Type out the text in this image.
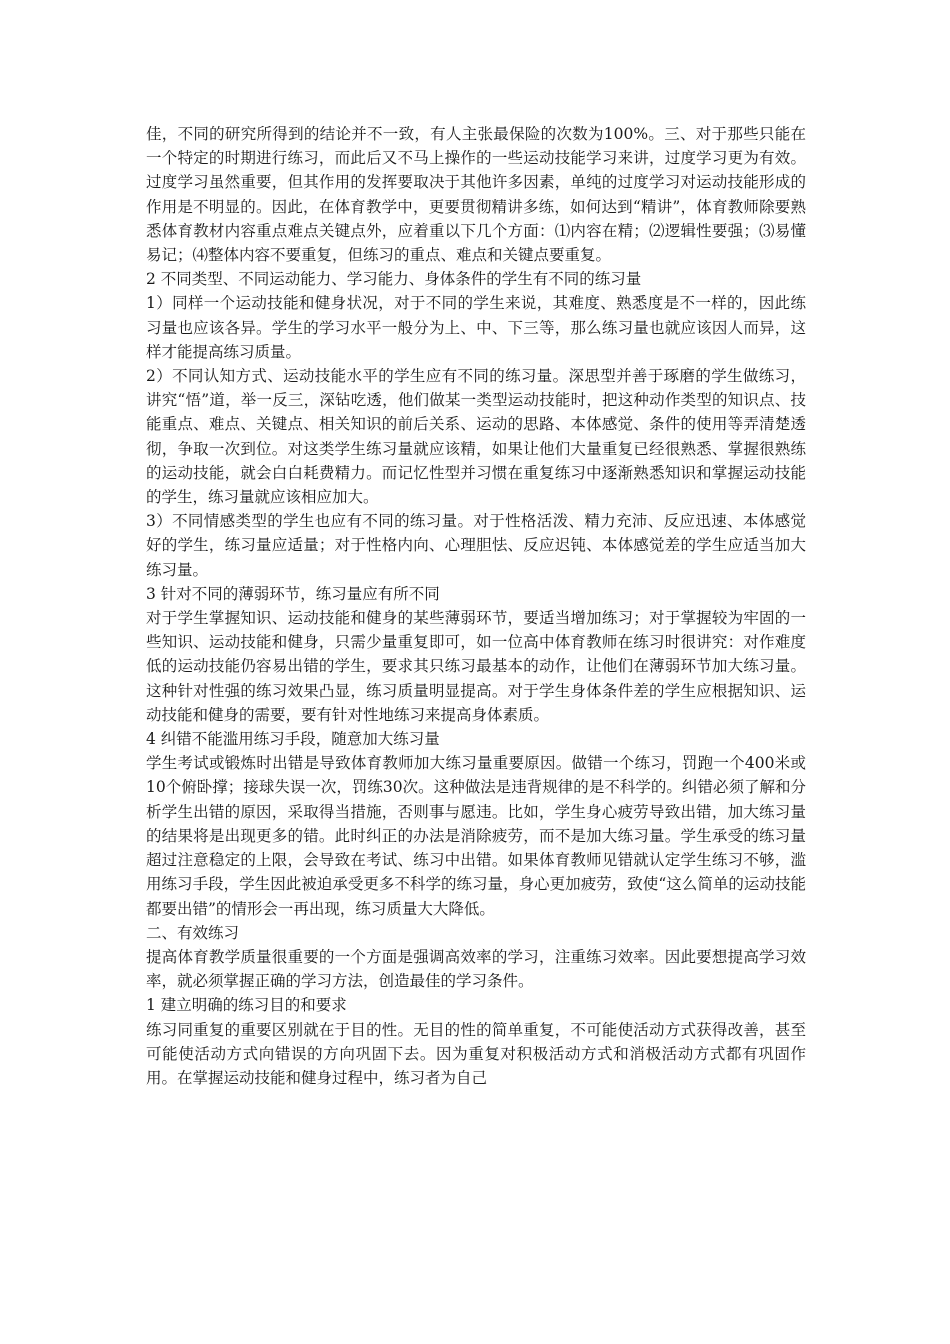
佳，不同的研究所得到的结论并不一致，有人主张最保险的次数为100%。三、对于那些只能在一个特定的时期进行练习，而此后又不马上操作的一些运动技能学习来讲，过度学习更为有效。过度学习虽然重要，但其作用的发挥要取决于其他许多因素，单纯的过度学习对运动技能形成的作用是不明显的。因此，在体育教学中，更要贯彻精讲多练，如何达到“精讲”，体育教师除要熟悉体育教材内容重点难点关键点外，应着重以下几个方面：⑴内容在精；⑵逻辑性要强；⑶易懂易记；⑷整体内容不要重复，但练习的重点、难点和关键点要重复。

2 不同类型、不同运动能力、学习能力、身体条件的学生有不同的练习量

1）同样一个运动技能和健身状况，对于不同的学生来说，其难度、熟悉度是不一样的，因此练习量也应该各异。学生的学习水平一般分为上、中、下三等，那么练习量也就应该因人而异，这样才能提高练习质量。

2）不同认知方式、运动技能水平的学生应有不同的练习量。深思型并善于琢磨的学生做练习，讲究“悟”道，举一反三，深钻吃透，他们做某一类型运动技能时，把这种动作类型的知识点、技能重点、难点、关键点、相关知识的前后关系、运动的思路、本体感觉、条件的使用等弄清楚透彻，争取一次到位。对这类学生练习量就应该精，如果让他们大量重复已经很熟悉、掌握很熟练的运动技能，就会白白耗费精力。而记忆性型并习惯在重复练习中逐渐熟悉知识和掌握运动技能的学生，练习量就应该相应加大。

3）不同情感类型的学生也应有不同的练习量。对于性格活泼、精力充沛、反应迅速、本体感觉好的学生，练习量应适量；对于性格内向、心理胆怯、反应迟钝、本体感觉差的学生应适当加大练习量。

3 针对不同的薄弱环节，练习量应有所不同

对于学生掌握知识、运动技能和健身的某些薄弱环节，要适当增加练习；对于掌握较为牢固的一些知识、运动技能和健身，只需少量重复即可，如一位高中体育教师在练习时很讲究：对作难度低的运动技能仍容易出错的学生，要求其只练习最基本的动作，让他们在薄弱环节加大练习量。这种针对性强的练习效果凸显，练习质量明显提高。对于学生身体条件差的学生应根据知识、运动技能和健身的需要，要有针对性地练习来提高身体素质。

4 纠错不能滥用练习手段，随意加大练习量

学生考试或锻炼时出错是导致体育教师加大练习量重要原因。做错一个练习，罚跑一个400米或10个俯卧撑；接球失误一次，罚练30次。这种做法是违背规律的是不科学的。纠错必须了解和分析学生出错的原因，采取得当措施，否则事与愿违。比如，学生身心疲劳导致出错，加大练习量的结果将是出现更多的错。此时纠正的办法是消除疲劳，而不是加大练习量。学生承受的练习量超过注意稳定的上限，会导致在考试、练习中出错。如果体育教师见错就认定学生练习不够，滥用练习手段，学生因此被迫承受更多不科学的练习量，身心更加疲劳，致使“这么简单的运动技能都要出错”的情形会一再出现，练习质量大大降低。

二、有效练习

提高体育教学质量很重要的一个方面是强调高效率的学习，注重练习效率。因此要想提高学习效率，就必须掌握正确的学习方法，创造最佳的学习条件。

1 建立明确的练习目的和要求

练习同重复的重要区别就在于目的性。无目的性的简单重复，不可能使活动方式获得改善，甚至可能使活动方式向错误的方向巩固下去。因为重复对积极活动方式和消极活动方式都有巩固作用。在掌握运动技能和健身过程中，练习者为自己
